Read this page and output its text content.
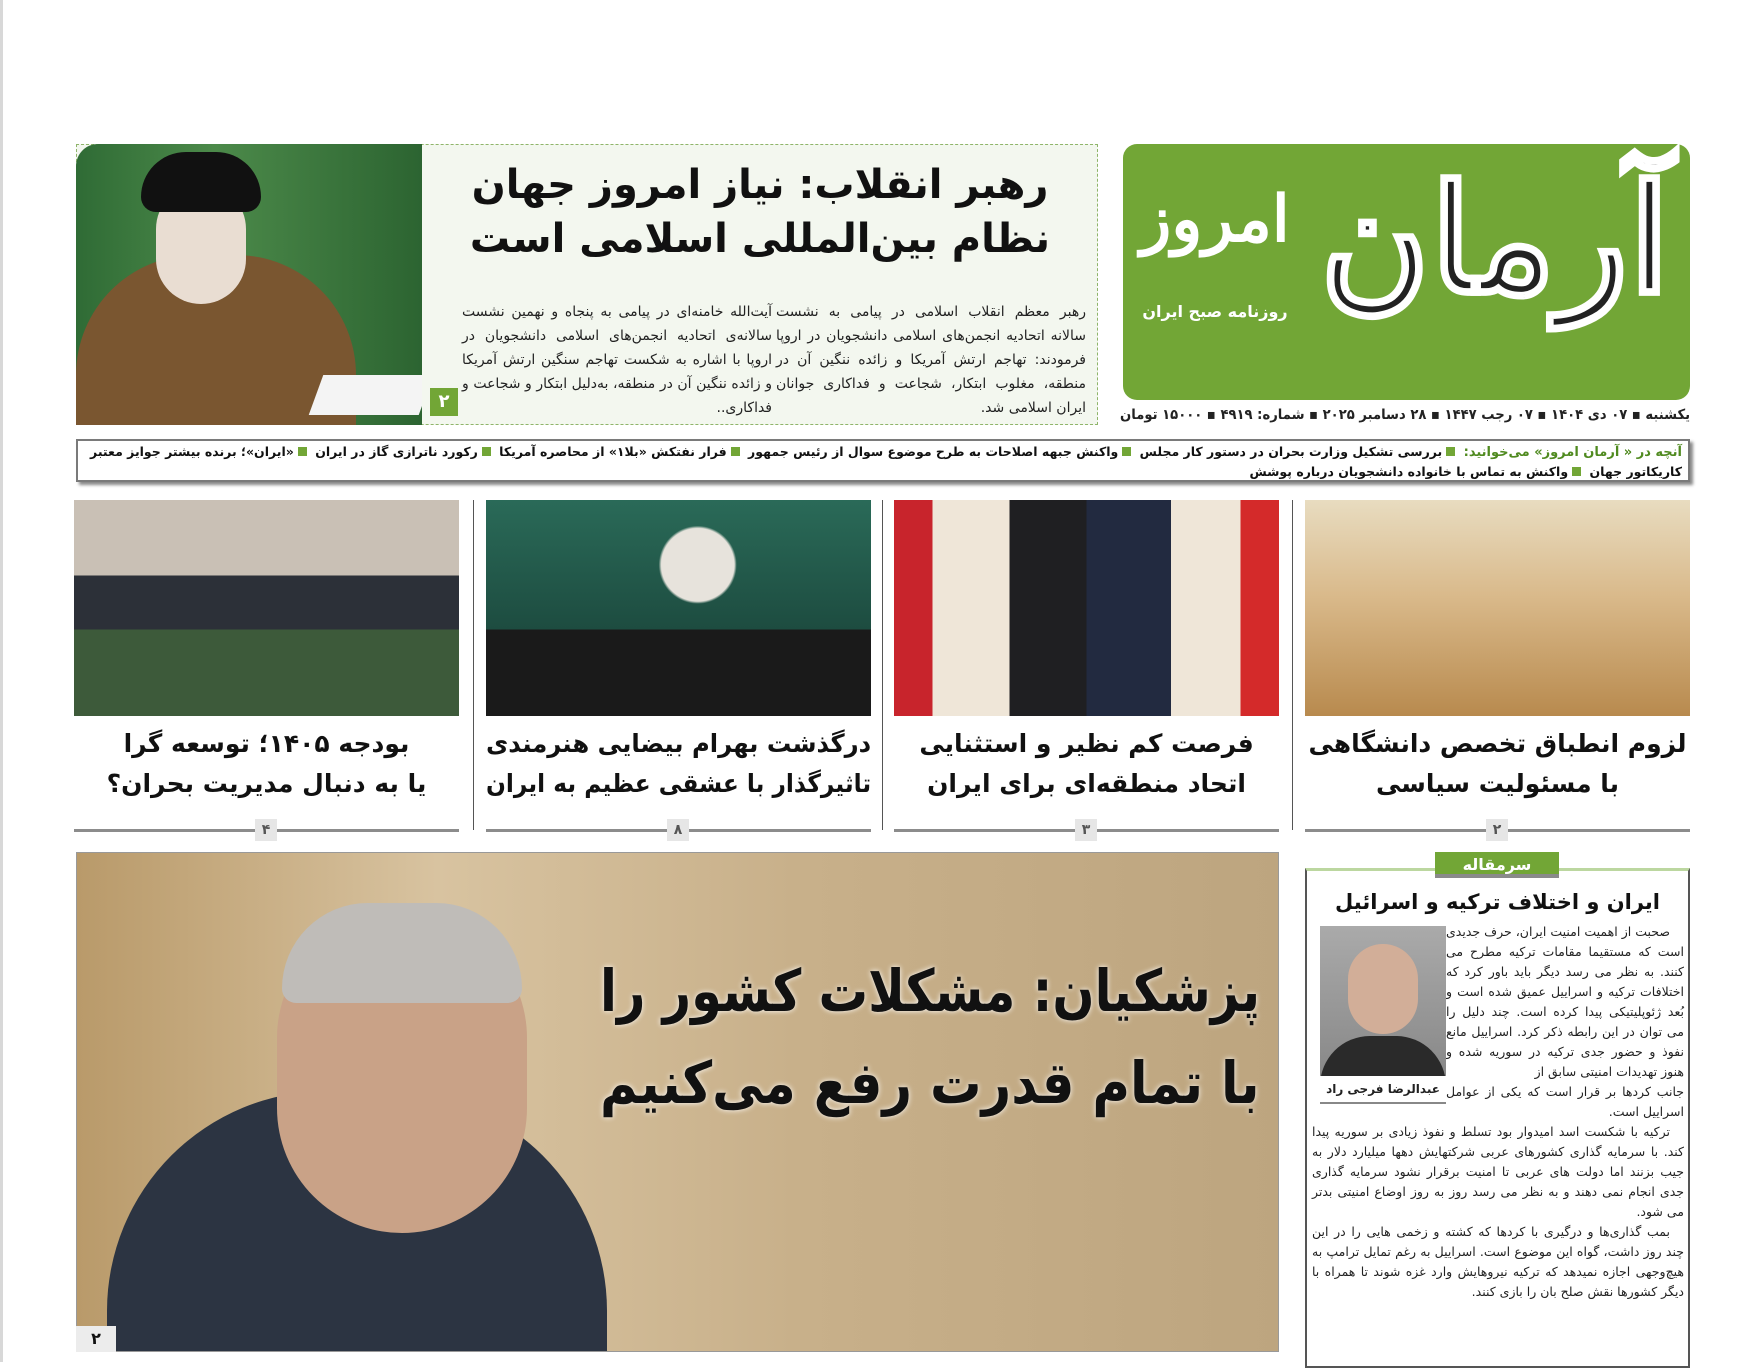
آرمان
امروز
روزنامه صبح ایران
یکشنبه ▪ ۰۷ دی ۱۴۰۴ ▪ ۰۷ رجب ۱۴۴۷ ▪ ۲۸ دسامبر ۲۰۲۵ ▪ شماره: ۴۹۱۹ ▪ ۱۵۰۰۰ تومان
رهبر انقلاب: نیاز امروز جهان
نظام بین‌المللی اسلامی است
رهبر معظم انقلاب اسلامی در پیامی به نشست سالانه اتحادیه انجمن‌های اسلامی دانشجویان در اروپا فرمودند: تهاجم ارتش آمریکا و زائده ننگین آن در منطقه، مغلوب ابتکار، شجاعت و فداکاری جوانان ایران اسلامی شد.
آیت‌الله خامنه‌ای در پیامی به پنجاه و نهمین نشست سالانه‌ی اتحادیه انجمن‌های اسلامی دانشجویان در اروپا با اشاره به شکست تهاجم سنگین ارتش آمریکا و زائده ننگین آن در منطقه، به‌دلیل ابتکار و شجاعت و فداکاری..
۲
آنچه در « آرمان امروز» می‌خوانید: بررسی تشکیل وزارت بحران در دستور کار مجلس واکنش جبهه اصلاحات به طرح موضوع سوال از رئیس جمهور فرار نفتکش «بلا۱» از محاصره آمریکا رکورد ناترازی گاز در ایران «ایران»؛ برنده بیشتر جوایز معتبر کاریکاتور جهان واکنش به تماس با خانواده دانشجویان درباره پوشش
لزوم انطباق تخصص دانشگاهی
با مسئولیت سیاسی
فرصت کم نظیر و استثنایی
اتحاد منطقه‌ای برای ایران
درگذشت بهرام بیضایی هنرمندی
تاثیرگذار با عشقی عظیم به ایران
بودجه ۱۴۰۵؛ توسعه گرا
یا به دنبال مدیریت بحران؟
۲
۳
۸
۴
پزشکیان: مشکلات کشور را
با تمام قدرت رفع می‌کنیم
۲
سرمقاله
ایران و اختلاف ترکیه و اسرائیل
عبدالرضا فرجی راد

صحبت از اهمیت امنیت ایران، حرف جدیدی است که مستقیما مقامات ترکیه مطرح می کنند. به نظر می رسد دیگر باید باور کرد که اختلافات ترکیه و اسراییل عمیق شده است و بُعد ژئوپلیتیکی پیدا کرده است. چند دلیل را می توان در این رابطه ذکر کرد. اسراییل مانع نفوذ و حضور جدی ترکیه در سوریه شده و هنوز تهدیدات امنیتی سابق از

جانب کردها بر قرار است که یکی از عوامل اسراییل است.

ترکیه با شکست اسد امیدوار بود تسلط و نفوذ زیادی بر سوریه پیدا کند. با سرمایه گذاری کشورهای عربی شرکتهایش دهها میلیارد دلار به جیب بزنند اما دولت های عربی تا امنیت برقرار نشود سرمایه گذاری جدی انجام نمی دهند و به نظر می رسد روز به روز اوضاع امنیتی بدتر می شود.

بمب گذاری‌ها و درگیری با کردها که کشته و زخمی هایی را در این چند روز داشت، گواه این موضوع است. اسراییل به رغم تمایل ترامپ به هیچ‌وجهی اجازه نمیدهد که ترکیه نیروهایش وارد غزه شوند تا همراه با دیگر کشورها نقش صلح بان را بازی کنند.
